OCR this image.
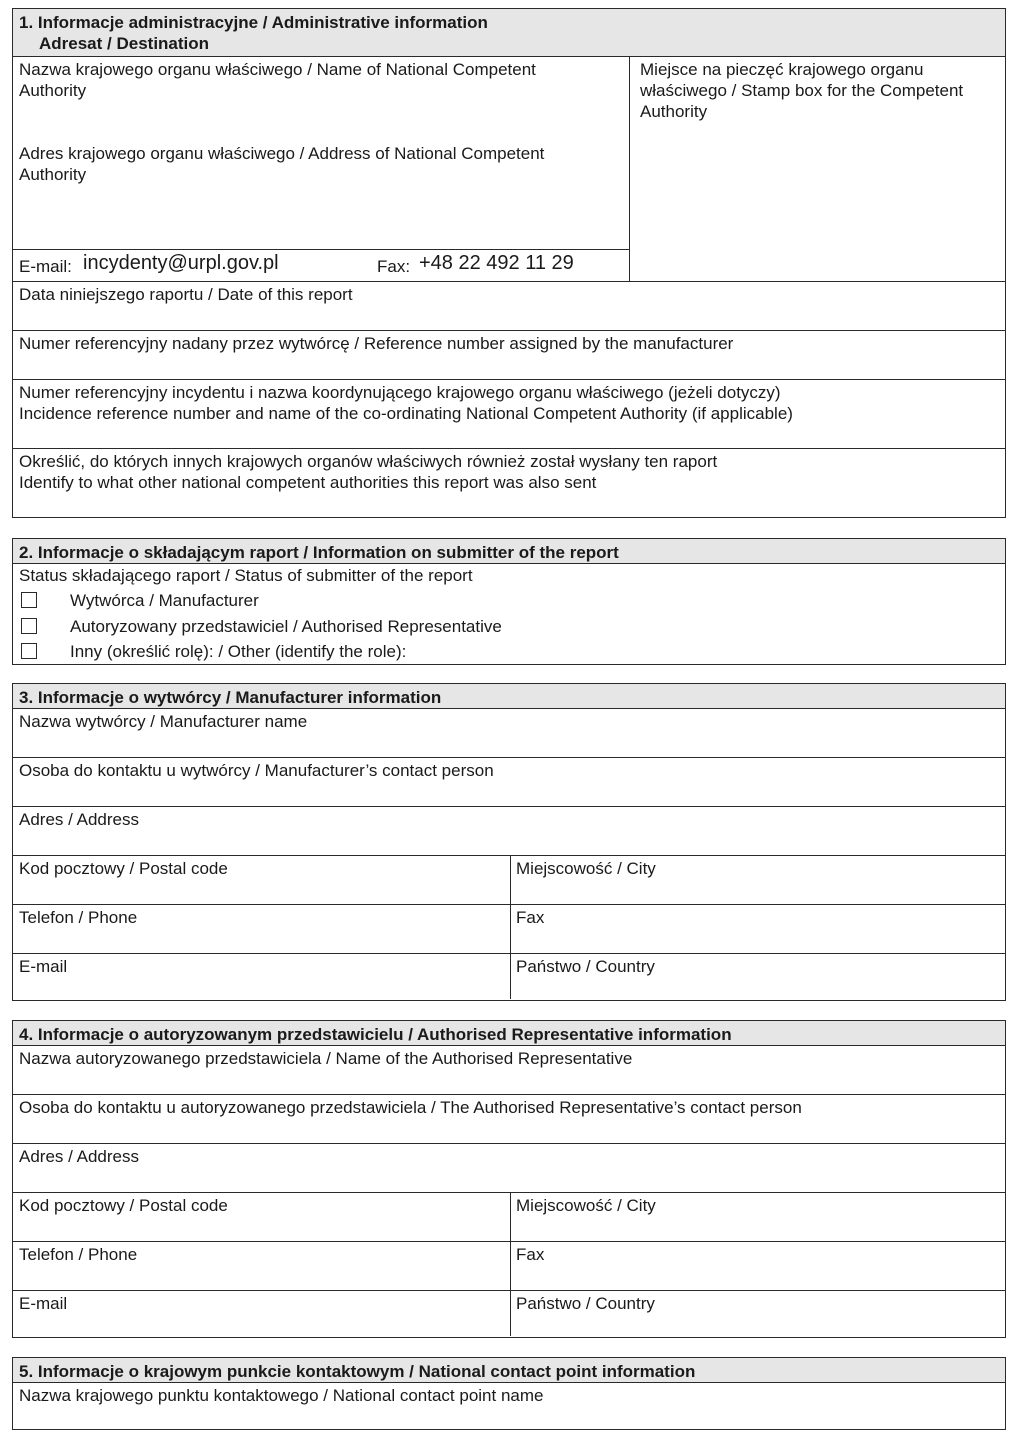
1. Informacje administracyjne / Administrative information
Adresat / Destination
Nazwa krajowego organu właściwego / Name of National Competent
Authority
Adres krajowego organu właściwego / Address of National Competent
Authority
E-mail: incydenty@urpl.gov.pl	Fax: +48 22 492 11 29
Miejsce na pieczęć krajowego organu
właściwego / Stamp box for the Competent
Authority
Data niniejszego raportu / Date of this report
Numer referencyjny nadany przez wytwórcę / Reference number assigned by the manufacturer
Numer referencyjny incydentu i nazwa koordynującego krajowego organu właściwego (jeżeli dotyczy)
Incidence reference number and name of the co-ordinating National Competent Authority (if applicable)
Określić, do których innych krajowych organów właściwych również został wysłany ten raport
Identify to what other national competent authorities this report was also sent
2. Informacje o składającym raport / Information on submitter of the report
Status składającego raport / Status of submitter of the report
Wytwórca / Manufacturer
Autoryzowany przedstawiciel / Authorised Representative
Inny (określić rolę): / Other (identify the role):
3. Informacje o wytwórcy / Manufacturer information
Nazwa wytwórcy / Manufacturer name
Osoba do kontaktu u wytwórcy / Manufacturer’s contact person
Adres / Address
Kod pocztowy / Postal code	Miejscowość / City
Telefon / Phone	Fax
E-mail	Państwo / Country
4. Informacje o autoryzowanym przedstawicielu / Authorised Representative information
Nazwa autoryzowanego przedstawiciela / Name of the Authorised Representative
Osoba do kontaktu u autoryzowanego przedstawiciela / The Authorised Representative’s contact person
Adres / Address
Kod pocztowy / Postal code	Miejscowość / City
Telefon / Phone	Fax
E-mail	Państwo / Country
5. Informacje o krajowym punkcie kontaktowym / National contact point information
Nazwa krajowego punktu kontaktowego / National contact point name
